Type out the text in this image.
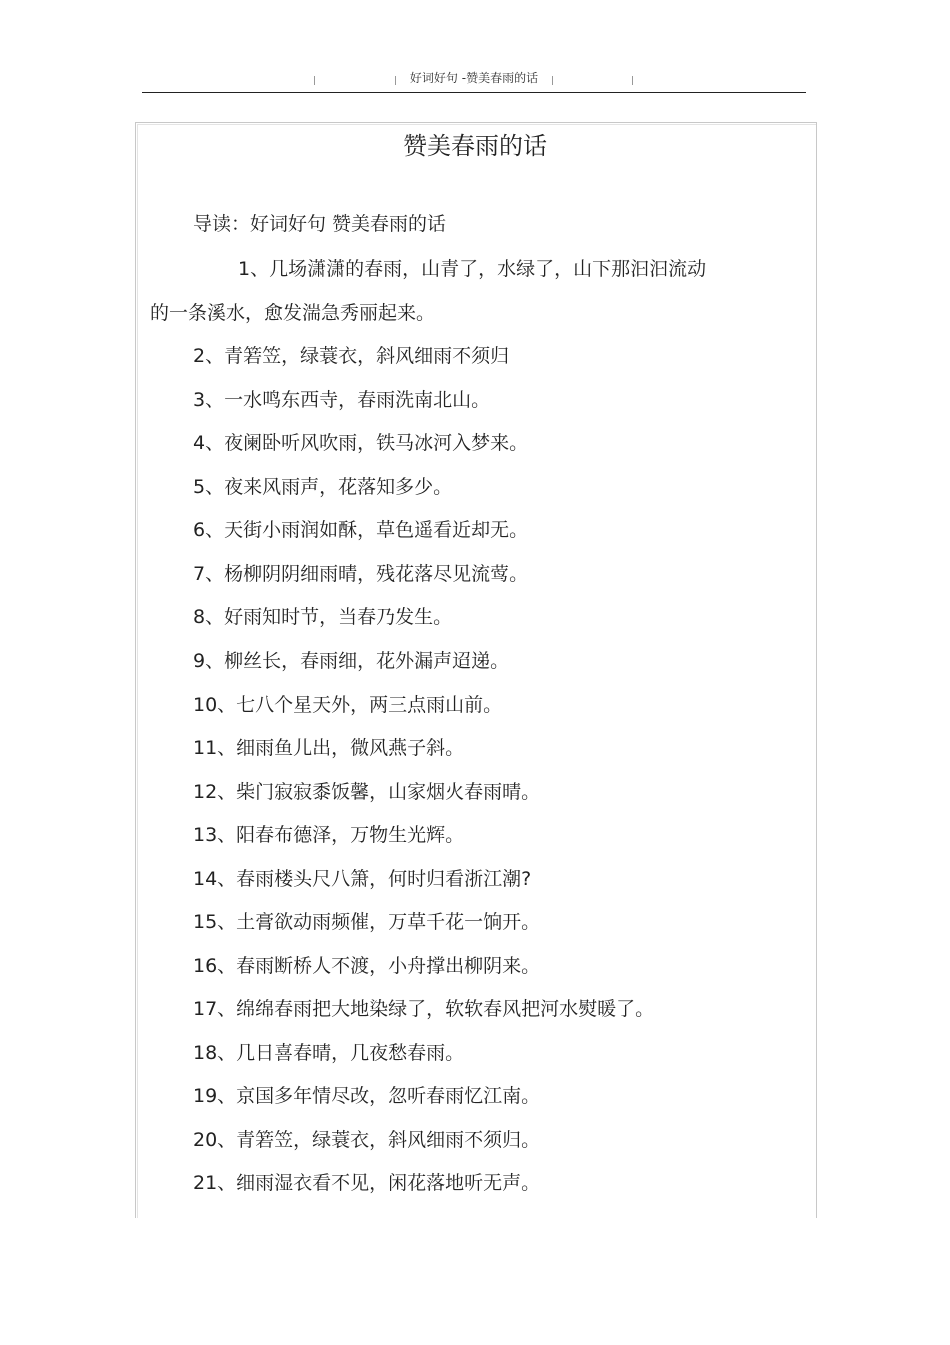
好词好句 -赞美春雨的话
赞美春雨的话
导读：好词好句 赞美春雨的话
1、几场潇潇的春雨，山青了，水绿了，山下那汩汩流动
的一条溪水，愈发湍急秀丽起来。
2、青箬笠，绿蓑衣，斜风细雨不须归
3、一水鸣东西寺，春雨洗南北山。
4、夜阑卧听风吹雨，铁马冰河入梦来。
5、夜来风雨声，花落知多少。
6、天街小雨润如酥，草色遥看近却无。
7、杨柳阴阴细雨晴，残花落尽见流莺。
8、好雨知时节，当春乃发生。
9、柳丝长，春雨细，花外漏声迢递。
10、七八个星天外，两三点雨山前。
11、细雨鱼儿出，微风燕子斜。
12、柴门寂寂黍饭馨，山家烟火春雨晴。
13、阳春布德泽，万物生光辉。
14、春雨楼头尺八箫，何时归看浙江潮?
15、土膏欲动雨频催，万草千花一饷开。
16、春雨断桥人不渡，小舟撑出柳阴来。
17、绵绵春雨把大地染绿了，软软春风把河水熨暖了。
18、几日喜春晴，几夜愁春雨。
19、京国多年情尽改，忽听春雨忆江南。
20、青箬笠，绿蓑衣，斜风细雨不须归。
21、细雨湿衣看不见，闲花落地听无声。
